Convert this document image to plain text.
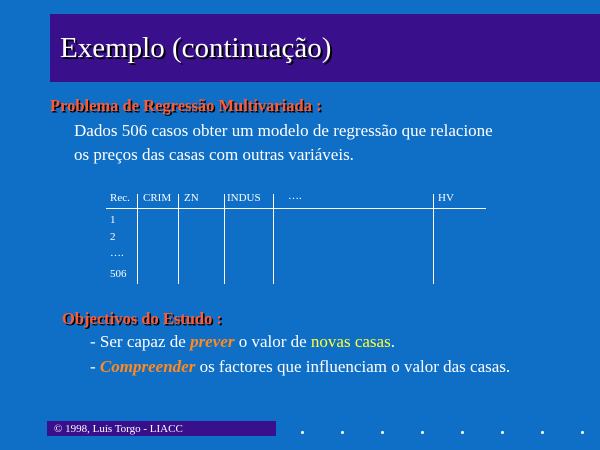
Exemplo (continuação)
Problema de Regressão Multivariada :
Dados 506 casos obter um modelo de regressão que relacione
os preços das casas com outras variáveis.
Rec. CRIM ZN	INDUS ….	HV
1
2
….
506
Objectivos do Estudo :
- Ser capaz de prever o valor de novas casas.
- Compreender os factores que influenciam o valor das casas.
© 1998, Luís Torgo - LIACC
